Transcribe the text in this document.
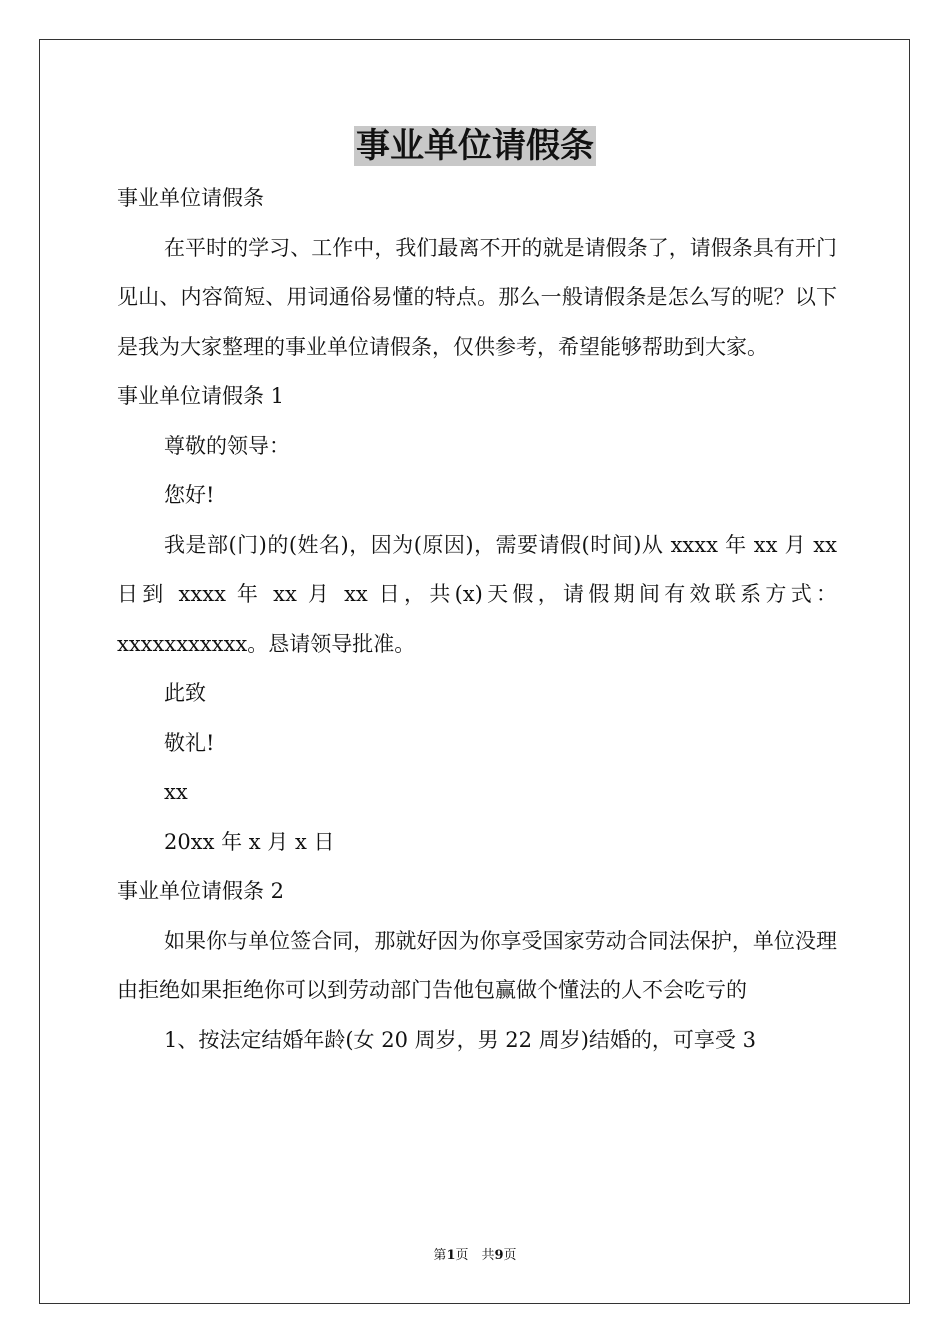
事业单位请假条

事业单位请假条

在平时的学习、工作中，我们最离不开的就是请假条了，请假条具有开门见山、内容简短、用词通俗易懂的特点。那么一般请假条是怎么写的呢？以下是我为大家整理的事业单位请假条，仅供参考，希望能够帮助到大家。

事业单位请假条 1

尊敬的领导：

您好!

我是部(门)的(姓名)，因为(原因)，需要请假(时间)从 xxxx 年 xx 月 xx 日到 xxxx 年 xx 月 xx 日，共(x)天假，请假期间有效联系方式：xxxxxxxxxxx。恳请领导批准。

此致

敬礼!

xx

20xx 年 x 月 x 日

事业单位请假条 2

如果你与单位签合同，那就好因为你享受国家劳动合同法保护，单位没理由拒绝如果拒绝你可以到劳动部门告他包赢做个懂法的人不会吃亏的

1、按法定结婚年龄(女 20 周岁，男 22 周岁)结婚的，可享受 3

第1页　共9页
